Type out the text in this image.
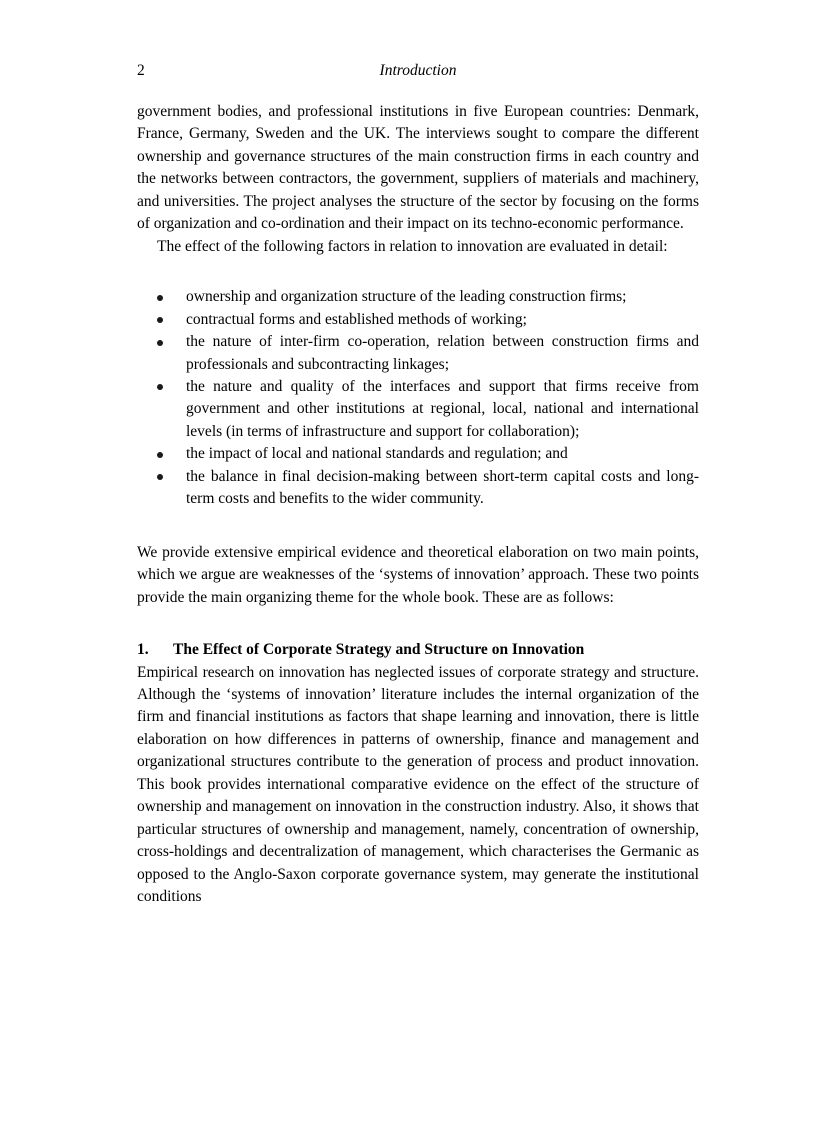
2	Introduction

government bodies, and professional institutions in five European countries: Denmark, France, Germany, Sweden and the UK. The interviews sought to compare the different ownership and governance structures of the main construction firms in each country and the networks between contractors, the government, suppliers of materials and machinery, and universities. The project analyses the structure of the sector by focusing on the forms of organization and co-ordination and their impact on its techno-economic performance.

The effect of the following factors in relation to innovation are evaluated in detail:

ownership and organization structure of the leading construction firms;
contractual forms and established methods of working;
the nature of inter-firm co-operation, relation between construction firms and professionals and subcontracting linkages;
the nature and quality of the interfaces and support that firms receive from government and other institutions at regional, local, national and international levels (in terms of infrastructure and support for collaboration);
the impact of local and national standards and regulation; and
the balance in final decision-making between short-term capital costs and long-term costs and benefits to the wider community.

We provide extensive empirical evidence and theoretical elaboration on two main points, which we argue are weaknesses of the ‘systems of innovation’ approach. These two points provide the main organizing theme for the whole book. These are as follows:

1. The Effect of Corporate Strategy and Structure on Innovation

Empirical research on innovation has neglected issues of corporate strategy and structure. Although the ‘systems of innovation’ literature includes the internal organization of the firm and financial institutions as factors that shape learning and innovation, there is little elaboration on how differences in patterns of ownership, finance and management and organizational structures contribute to the generation of process and product innovation. This book provides international comparative evidence on the effect of the structure of ownership and management on innovation in the construction industry. Also, it shows that particular structures of ownership and management, namely, concentration of ownership, cross-holdings and decentralization of management, which characterises the Germanic as opposed to the Anglo-Saxon corporate governance system, may generate the institutional conditions
